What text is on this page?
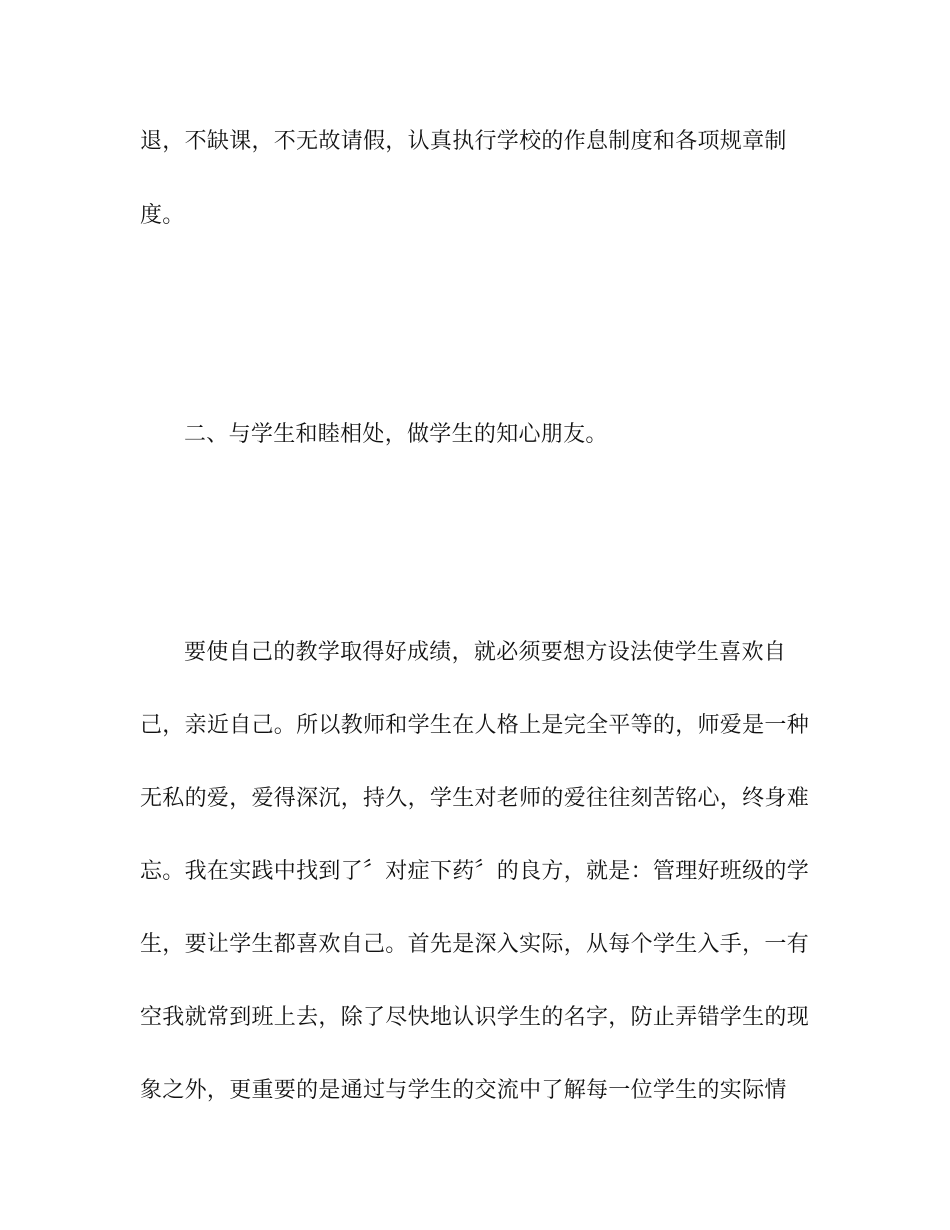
退，不缺课，不无故请假，认真执行学校的作息制度和各项规章制
度。
二、与学生和睦相处，做学生的知心朋友。
要使自己的教学取得好成绩，就必须要想方设法使学生喜欢自
己，亲近自己。所以教师和学生在人格上是完全平等的，师爱是一种
无私的爱，爱得深沉，持久，学生对老师的爱往往刻苦铭心，终身难
忘。我在实践中找到了〞对症下药〞的良方，就是：管理好班级的学
生，要让学生都喜欢自己。首先是深入实际，从每个学生入手，一有
空我就常到班上去，除了尽快地认识学生的名字，防止弄错学生的现
象之外，更重要的是通过与学生的交流中了解每一位学生的实际情
